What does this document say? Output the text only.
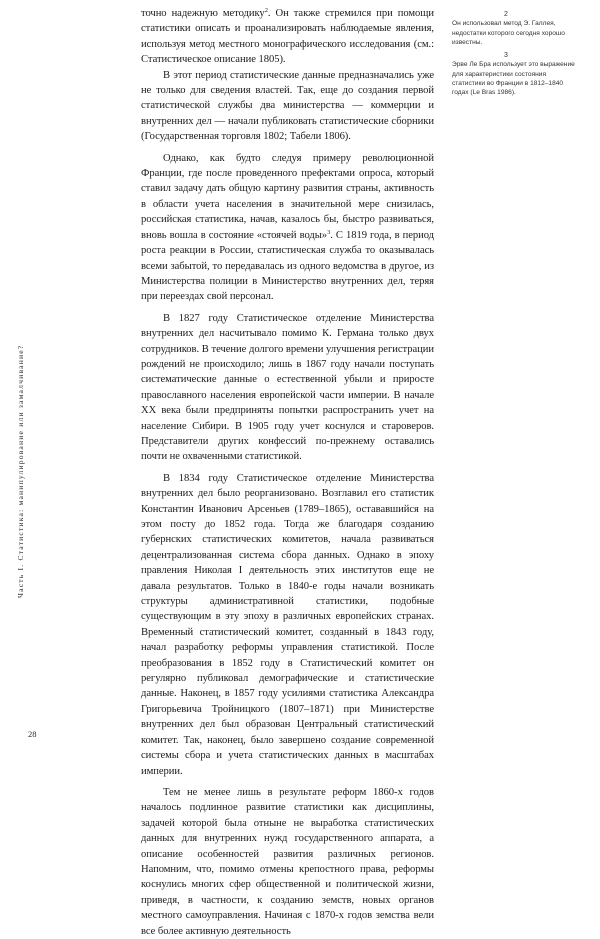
Часть I. Статистика: манипулирование или замалчивание?

точно надежную методику$^2$. Он также стремился при помощи статистики описать и проанализировать наблюдаемые явления, используя метод местного монографического исследования (см.: Статистическое описание 1805).

В этот период статистические данные предназначались уже не только для сведения властей. Так, еще до создания первой статистической службы два министерства — коммерции и внутренних дел — начали публиковать статистические сборники (Государственная торговля 1802; Табели 1806).

Однако, как будто следуя примеру революционной Франции, где после проведенного префектами опроса, который ставил задачу дать общую картину развития страны, активность в области учета населения в значительной мере снизилась, российская статистика, начав, казалось бы, быстро развиваться, вновь вошла в состояние «стоячей воды»$^3$. С 1819 года, в период роста реакции в России, статистическая служба то оказывалась всеми забытой, то передавалась из одного ведомства в другое, из Министерства полиции в Министерство внутренних дел, теряя при переездах свой персонал.

В 1827 году Статистическое отделение Министерства внутренних дел насчитывало помимо К. Германа только двух сотрудников. В течение долгого времени улучшения регистрации рождений не происходило; лишь в 1867 году начали поступать систематические данные о естественной убыли и приросте православного населения европейской части империи. В начале XX века были предприняты попытки распространить учет на население Сибири. В 1905 году учет коснулся и староверов. Представители других конфессий по-прежнему оставались почти не охваченными статистикой.

В 1834 году Статистическое отделение Министерства внутренних дел было реорганизовано. Возглавил его статистик Константин Иванович Арсеньев (1789–1865), остававшийся на этом посту до 1852 года. Тогда же благодаря созданию губернских статистических комитетов, начала развиваться децентрализованная система сбора данных. Однако в эпоху правления Николая I деятельность этих институтов еще не давала результатов. Только в 1840-е годы начали возникать структуры административной статистики, подобные существующим в эту эпоху в различных европейских странах. Временный статистический комитет, созданный в 1843 году, начал разработку реформы управления статистикой. После преобразования в 1852 году в Статистический комитет он регулярно публиковал демографические и статистические данные. Наконец, в 1857 году усилиями статистика Александра Григорьевича Тройницкого (1807–1871) при Министерстве внутренних дел был образован Центральный статистический комитет. Так, наконец, было завершено создание современной системы сбора и учета статистических данных в масштабах империи.

Тем не менее лишь в результате реформ 1860-х годов началось подлинное развитие статистики как дисциплины, задачей которой была отныне не выработка статистических данных для внутренних нужд государственного аппарата, а описание особенностей развития различных регионов. Напомним, что, помимо отмены крепостного права, реформы коснулись многих сфер общественной и политической жизни, приведя, в частности, к созданию земств, новых органов местного самоуправления. Начиная с 1870-х годов земства вели все более активную деятельность

2
Он использовал метод Э. Галлея, недостатки которого сегодня хорошо известны.
3
Эрве Ле Бра использует это выражение для характеристики состояния статистики во Франции в 1812–1840 годах (Le Bras 1986).
28
